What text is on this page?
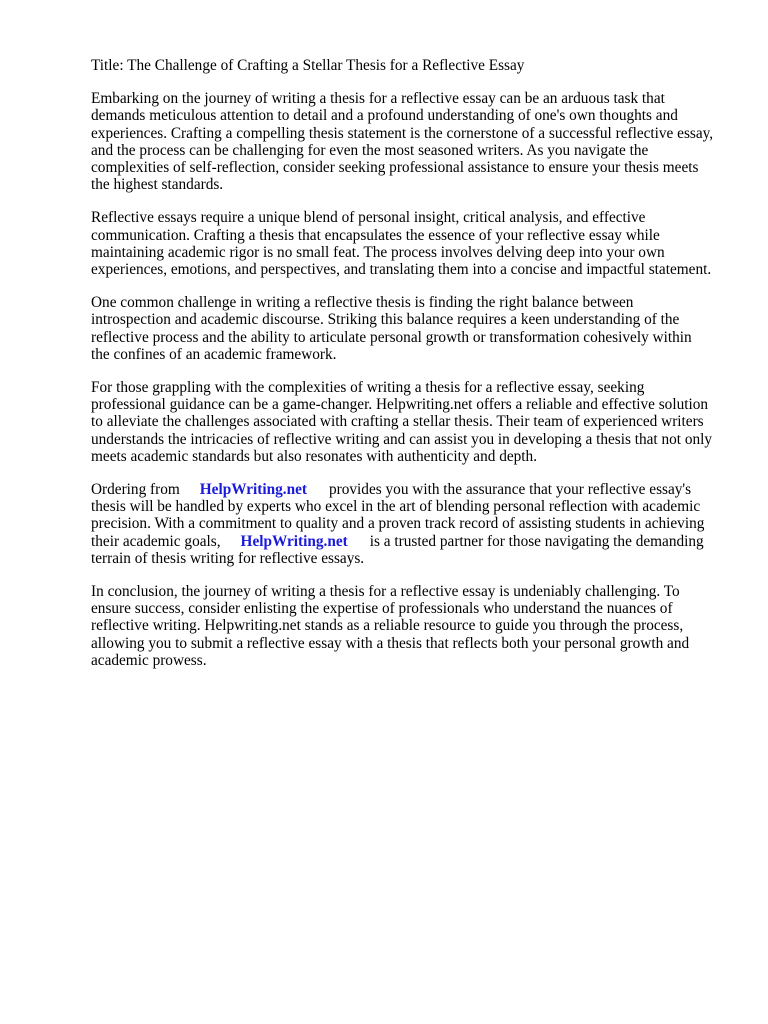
Title: The Challenge of Crafting a Stellar Thesis for a Reflective Essay
Embarking on the journey of writing a thesis for a reflective essay can be an arduous task that
demands meticulous attention to detail and a profound understanding of one's own thoughts and
experiences. Crafting a compelling thesis statement is the cornerstone of a successful reflective essay,
and the process can be challenging for even the most seasoned writers. As you navigate the
complexities of self-reflection, consider seeking professional assistance to ensure your thesis meets
the highest standards.
Reflective essays require a unique blend of personal insight, critical analysis, and effective
communication. Crafting a thesis that encapsulates the essence of your reflective essay while
maintaining academic rigor is no small feat. The process involves delving deep into your own
experiences, emotions, and perspectives, and translating them into a concise and impactful statement.
One common challenge in writing a reflective thesis is finding the right balance between
introspection and academic discourse. Striking this balance requires a keen understanding of the
reflective process and the ability to articulate personal growth or transformation cohesively within
the confines of an academic framework.
For those grappling with the complexities of writing a thesis for a reflective essay, seeking
professional guidance can be a game-changer. Helpwriting.net offers a reliable and effective solution
to alleviate the challenges associated with crafting a stellar thesis. Their team of experienced writers
understands the intricacies of reflective writing and can assist you in developing a thesis that not only
meets academic standards but also resonates with authenticity and depth.
Ordering from HelpWriting.net provides you with the assurance that your reflective essay's
thesis will be handled by experts who excel in the art of blending personal reflection with academic
precision. With a commitment to quality and a proven track record of assisting students in achieving
their academic goals, HelpWriting.net is a trusted partner for those navigating the demanding
terrain of thesis writing for reflective essays.
In conclusion, the journey of writing a thesis for a reflective essay is undeniably challenging. To
ensure success, consider enlisting the expertise of professionals who understand the nuances of
reflective writing. Helpwriting.net stands as a reliable resource to guide you through the process,
allowing you to submit a reflective essay with a thesis that reflects both your personal growth and
academic prowess.
